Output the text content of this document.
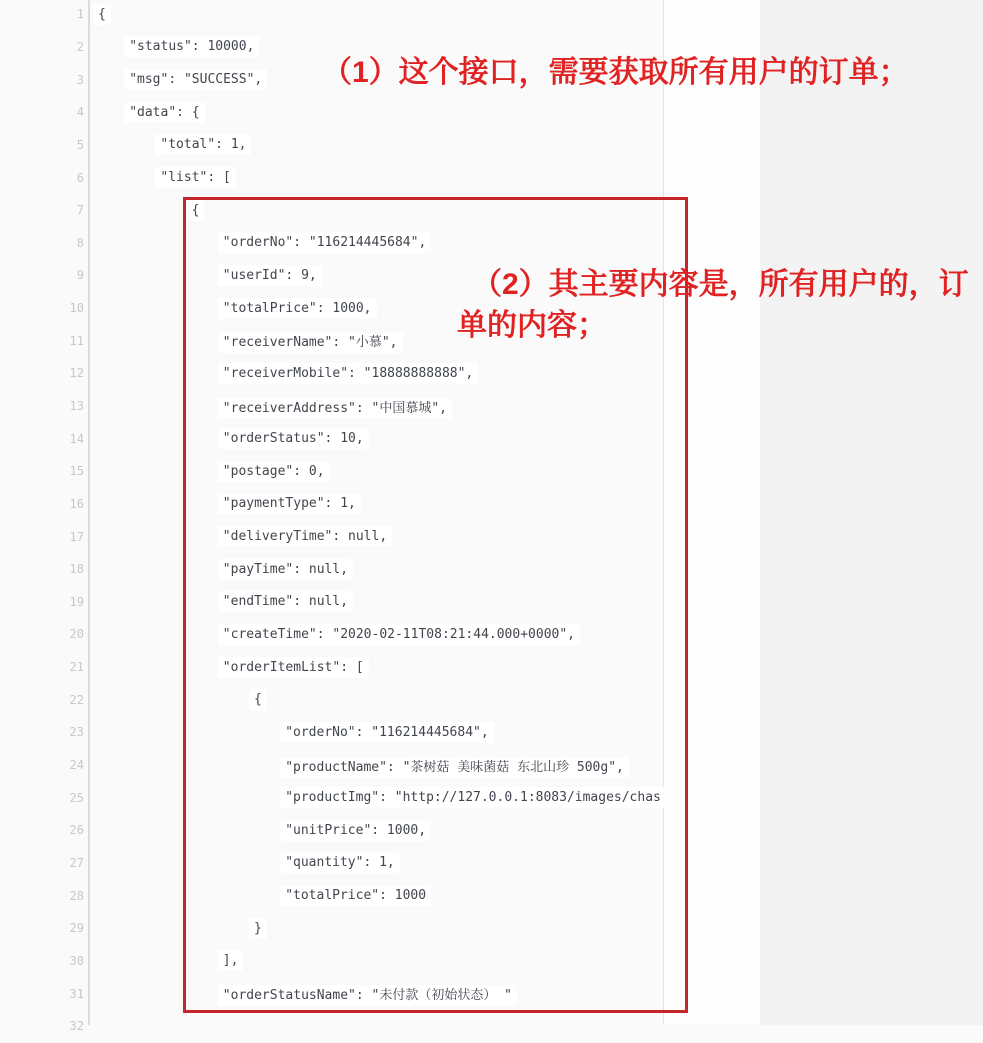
1 {
2	"status": 10000,
3	"msg": "SUCCESS",
4	"data": {
5	"total": 1,
6	"list": [
7	{
8	"orderNo": "116214445684",
9	"userId": 9,
10	"totalPrice": 1000,
11	"receiverName": "小慕",
12	"receiverMobile": "18888888888",
13	"receiverAddress": "中国慕城",
14	"orderStatus": 10,
15	"postage": 0,
16	"paymentType": 1,
17	"deliveryTime": null,
18	"payTime": null,
19	"endTime": null,
20	"createTime": "2020-02-11T08:21:44.000+0000",
21	"orderItemList": [
22	{
23	"orderNo": "116214445684",
24	"productName": "茶树菇 美味菌菇 东北山珍 500g",
25	"productImg": "http://127.0.0.1:8083/images/chas
26	"unitPrice": 1000,
27	"quantity": 1,
28	"totalPrice": 1000
29	}
30	],
31	"orderStatusName": "未付款（初始状态） "
32
（1）这个接口，需要获取所有用户的订单；
（2）其主要内容是，所有用户的，订
单的内容；
